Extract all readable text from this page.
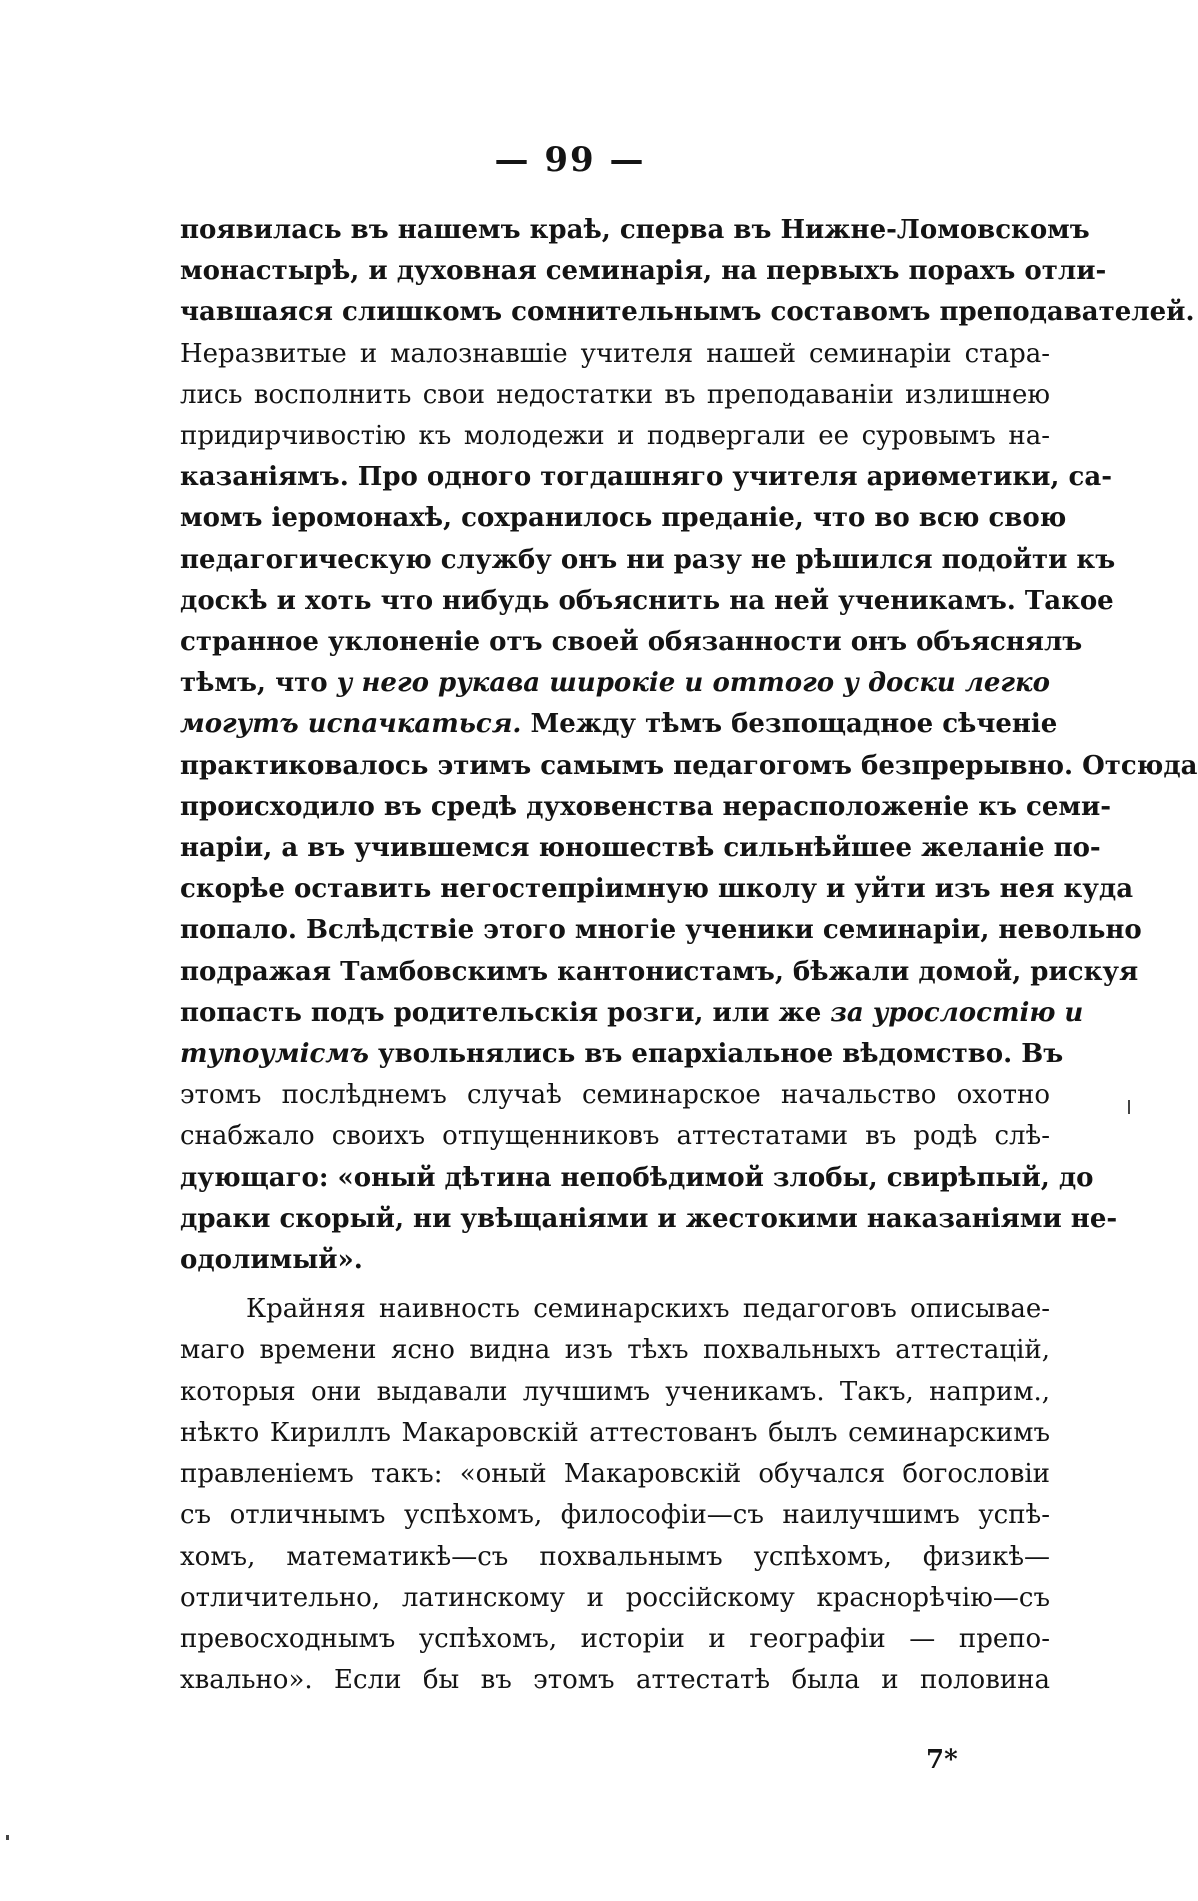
— 99 —
появилась въ нашемъ краѣ, сперва въ Нижне-Ломовскомъ
монастырѣ, и духовная семинарія, на первыхъ порахъ отли-
чавшаяся слишкомъ сомнительнымъ составомъ преподавателей.
Неразвитые и малознавшіе учителя нашей семинаріи стара-
лись восполнить свои недостатки въ преподаваніи излишнею
придирчивостію къ молодежи и подвергали ее суровымъ на-
казаніямъ. Про одного тогдашняго учителя ариѳметики, са-
момъ іеромонахѣ, сохранилось преданіе, что во всю свою
педагогическую службу онъ ни разу не рѣшился подойти къ
доскѣ и хоть что нибудь объяснить на ней ученикамъ. Такое
странное уклоненіе отъ своей обязанности онъ объяснялъ
тѣмъ, что у него рукава широкіе и оттого у доски легко
могутъ испачкаться. Между тѣмъ безпощадное сѣченіе
практиковалось этимъ самымъ педагогомъ безпрерывно. Отсюда
происходило въ средѣ духовенства нерасположеніе къ семи-
наріи, а въ учившемся юношествѣ сильнѣйшее желаніе по-
скорѣе оставить негостепріимную школу и уйти изъ нея куда
попало. Вслѣдствіе этого многіе ученики семинаріи, невольно
подражая Тамбовскимъ кантонистамъ, бѣжали домой, рискуя
попасть подъ родительскія розги, или же за урослостію и
тупоумісмъ увольнялись въ епархіальное вѣдомство. Въ
этомъ послѣднемъ случаѣ семинарское начальство охотно
снабжало своихъ отпущенниковъ аттестатами въ родѣ слѣ-
дующаго: «оный дѣтина непобѣдимой злобы, свирѣпый, до
драки скорый, ни увѣщаніями и жестокими наказаніями не-
одолимый».
Крайняя наивность семинарскихъ педагоговъ описывае-
маго времени ясно видна изъ тѣхъ похвальныхъ аттестацій,
которыя они выдавали лучшимъ ученикамъ. Такъ, наприм.,
нѣкто Кириллъ Макаровскій аттестованъ былъ семинарскимъ
правленіемъ такъ: «оный Макаровскій обучался богословіи
съ отличнымъ успѣхомъ, философіи—съ наилучшимъ успѣ-
хомъ, математикѣ—съ похвальнымъ успѣхомъ, физикѣ—
отличительно, латинскому и россійскому краснорѣчію—съ
превосходнымъ успѣхомъ, исторіи и географіи — препо-
хвально». Если бы въ этомъ аттестатѣ была и половина
7*
